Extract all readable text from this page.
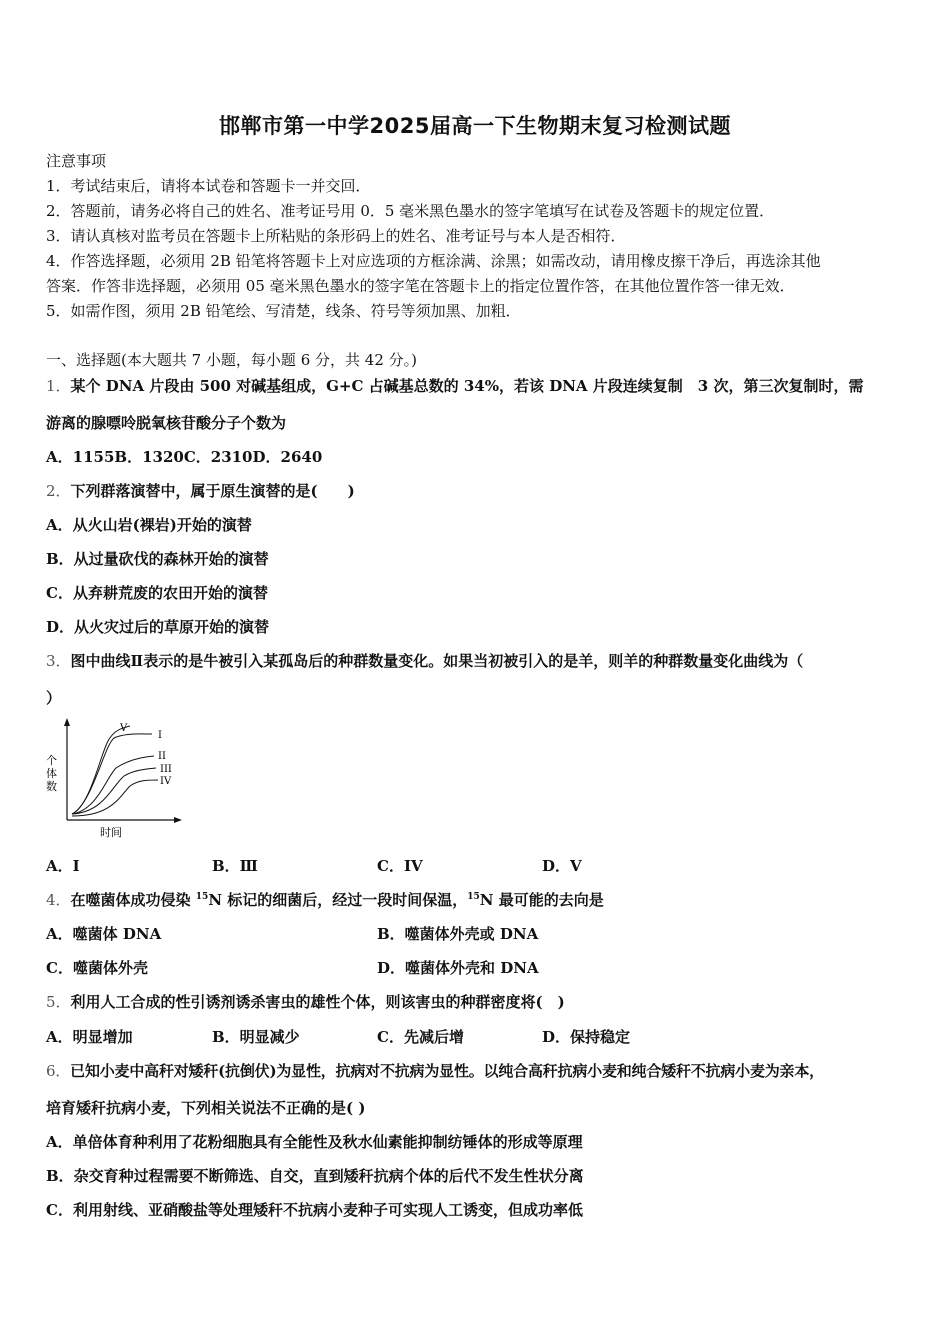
邯郸市第一中学2025届高一下生物期末复习检测试题
注意事项
1．考试结束后，请将本试卷和答题卡一并交回．
2．答题前，请务必将自己的姓名、准考证号用 0．5 毫米黑色墨水的签字笔填写在试卷及答题卡的规定位置．
3．请认真核对监考员在答题卡上所粘贴的条形码上的姓名、准考证号与本人是否相符．
4．作答选择题，必须用 2B 铅笔将答题卡上对应选项的方框涂满、涂黑；如需改动，请用橡皮擦干净后，再选涂其他
答案．作答非选择题，必须用 05 毫米黑色墨水的签字笔在答题卡上的指定位置作答，在其他位置作答一律无效．
5．如需作图，须用 2B 铅笔绘、写清楚，线条、符号等须加黑、加粗．
一、选择题(本大题共 7 小题，每小题 6 分，共 42 分。)
1．某个 DNA 片段由 500 对碱基组成，G+C 占碱基总数的 34%，若该 DNA 片段连续复制　3 次，第三次复制时，需
游离的腺嘌呤脱氧核苷酸分子个数为
A．1155B．1320C．2310D．2640
2．下列群落演替中，属于原生演替的是(　　)
A．从火山岩(裸岩)开始的演替
B．从过量砍伐的森林开始的演替
C．从弃耕荒废的农田开始的演替
D．从火灾过后的草原开始的演替
3．图中曲线Ⅱ表示的是牛被引入某孤岛后的种群数量变化。如果当初被引入的是羊，则羊的种群数量变化曲线为（
）
V
I
II
III
IV
个
体
数
时间
A．I	B．Ⅲ	C．IV	D．V
4．在噬菌体成功侵染 $^{15}$N 标记的细菌后，经过一段时间保温，$^{15}$N 最可能的去向是
A．噬菌体 DNA	B．噬菌体外壳或 DNA
C．噬菌体外壳	D．噬菌体外壳和 DNA
5．利用人工合成的性引诱剂诱杀害虫的雄性个体，则该害虫的种群密度将(　)
A．明显增加	B．明显减少	C．先减后增	D．保持稳定
6．已知小麦中高秆对矮秆(抗倒伏)为显性，抗病对不抗病为显性。以纯合高秆抗病小麦和纯合矮秆不抗病小麦为亲本，
培育矮秆抗病小麦，下列相关说法不正确的是( )
A．单倍体育种利用了花粉细胞具有全能性及秋水仙素能抑制纺锤体的形成等原理
B．杂交育种过程需要不断筛选、自交，直到矮秆抗病个体的后代不发生性状分离
C．利用射线、亚硝酸盐等处理矮秆不抗病小麦种子可实现人工诱变，但成功率低
